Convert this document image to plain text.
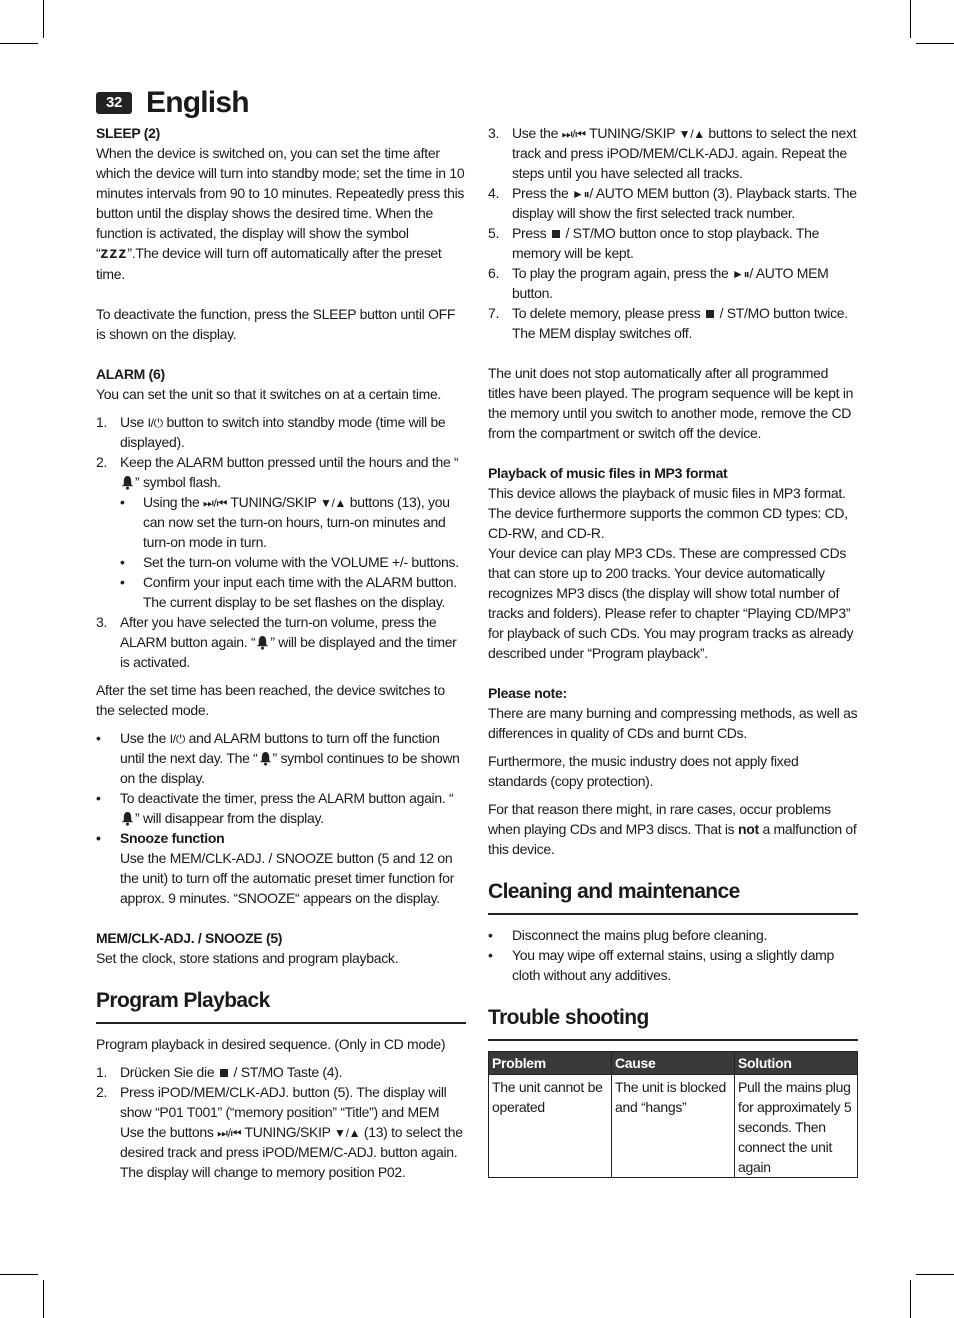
32 English

SLEEP (2)

When the device is switched on, you can set the time after which the device will turn into standby mode; set the time in 10 minutes intervals from 90 to 10 minutes. Repeatedly press this button until the display shows the desired time. When the function is activated, the display will show the symbol “zzz”.The device will turn off automatically after the preset time.

To deactivate the function, press the SLEEP button until OFF is shown on the display.

ALARM (6)

You can set the unit so that it switches on at a certain time.

1. Use I/⏻ button to switch into standby mode (time will be displayed).
2. Keep the ALARM button pressed until the hours and the “” symbol flash.
• Using the ⏭/⏮ TUNING/SKIP ▼/▲ buttons (13), you can now set the turn-on hours, turn-on minutes and turn-on mode in turn.
• Set the turn-on volume with the VOLUME +/- buttons.
• Confirm your input each time with the ALARM button. The current display to be set flashes on the display.
3. After you have selected the turn-on volume, press the ALARM button again. “ ” will be displayed and the timer is activated.

After the set time has been reached, the device switches to the selected mode.

• Use the I/⏻ and ALARM buttons to turn off the function until the next day. The “ ” symbol continues to be shown on the display.
• To deactivate the timer, press the ALARM button again. “” will disappear from the display.
• Snooze function
Use the MEM/CLK-ADJ. / SNOOZE button (5 and 12 on the unit) to turn off the automatic preset timer function for approx. 9 minutes. “SNOOZE“ appears on the display.

MEM/CLK-ADJ. / SNOOZE (5)

Set the clock, store stations and program playback.

Program Playback

Program playback in desired sequence. (Only in CD mode)

1. Drücken Sie die  / ST/MO Taste (4).
2. Press iPOD/MEM/CLK-ADJ. button (5). The display will show “P01 T001” (“memory position” “Title”) and MEM Use the buttons ⏭/⏮ TUNING/SKIP ▼/▲ (13) to select the desired track and press iPOD/MEM/C-ADJ. button again. The display will change to memory position P02.
3. Use the ⏭/⏮ TUNING/SKIP ▼/▲ buttons to select the next track and press iPOD/MEM/CLK-ADJ. again. Repeat the steps until you have selected all tracks.
4. Press the ►⏸/ AUTO MEM button (3). Playback starts. The display will show the first selected track number.
5. Press  / ST/MO button once to stop playback. The memory will be kept.
6. To play the program again, press the ►⏸/ AUTO MEM button.
7. To delete memory, please press  / ST/MO button twice. The MEM display switches off.

The unit does not stop automatically after all programmed titles have been played. The program sequence will be kept in the memory until you switch to another mode, remove the CD from the compartment or switch off the device.

Playback of music files in MP3 format

This device allows the playback of music files in MP3 format. The device furthermore supports the common CD types: CD, CD-RW, and CD-R.

Your device can play MP3 CDs. These are compressed CDs that can store up to 200 tracks. Your device automatically recognizes MP3 discs (the display will show total number of tracks and folders). Please refer to chapter “Playing CD/MP3” for playback of such CDs. You may program tracks as already described under “Program playback”.

Please note:

There are many burning and compressing methods, as well as differences in quality of CDs and burnt CDs.

Furthermore, the music industry does not apply fixed standards (copy protection).

For that reason there might, in rare cases, occur problems when playing CDs and MP3 discs. That is not a malfunction of this device.

Cleaning and maintenance
• Disconnect the mains plug before cleaning.
• You may wipe off external stains, using a slightly damp cloth without any additives.
Trouble shooting
Problem	Cause	Solution
The unit cannot be operated	The unit is blocked and “hangs”	Pull the mains plug for approximately 5 seconds. Then connect the unit again
